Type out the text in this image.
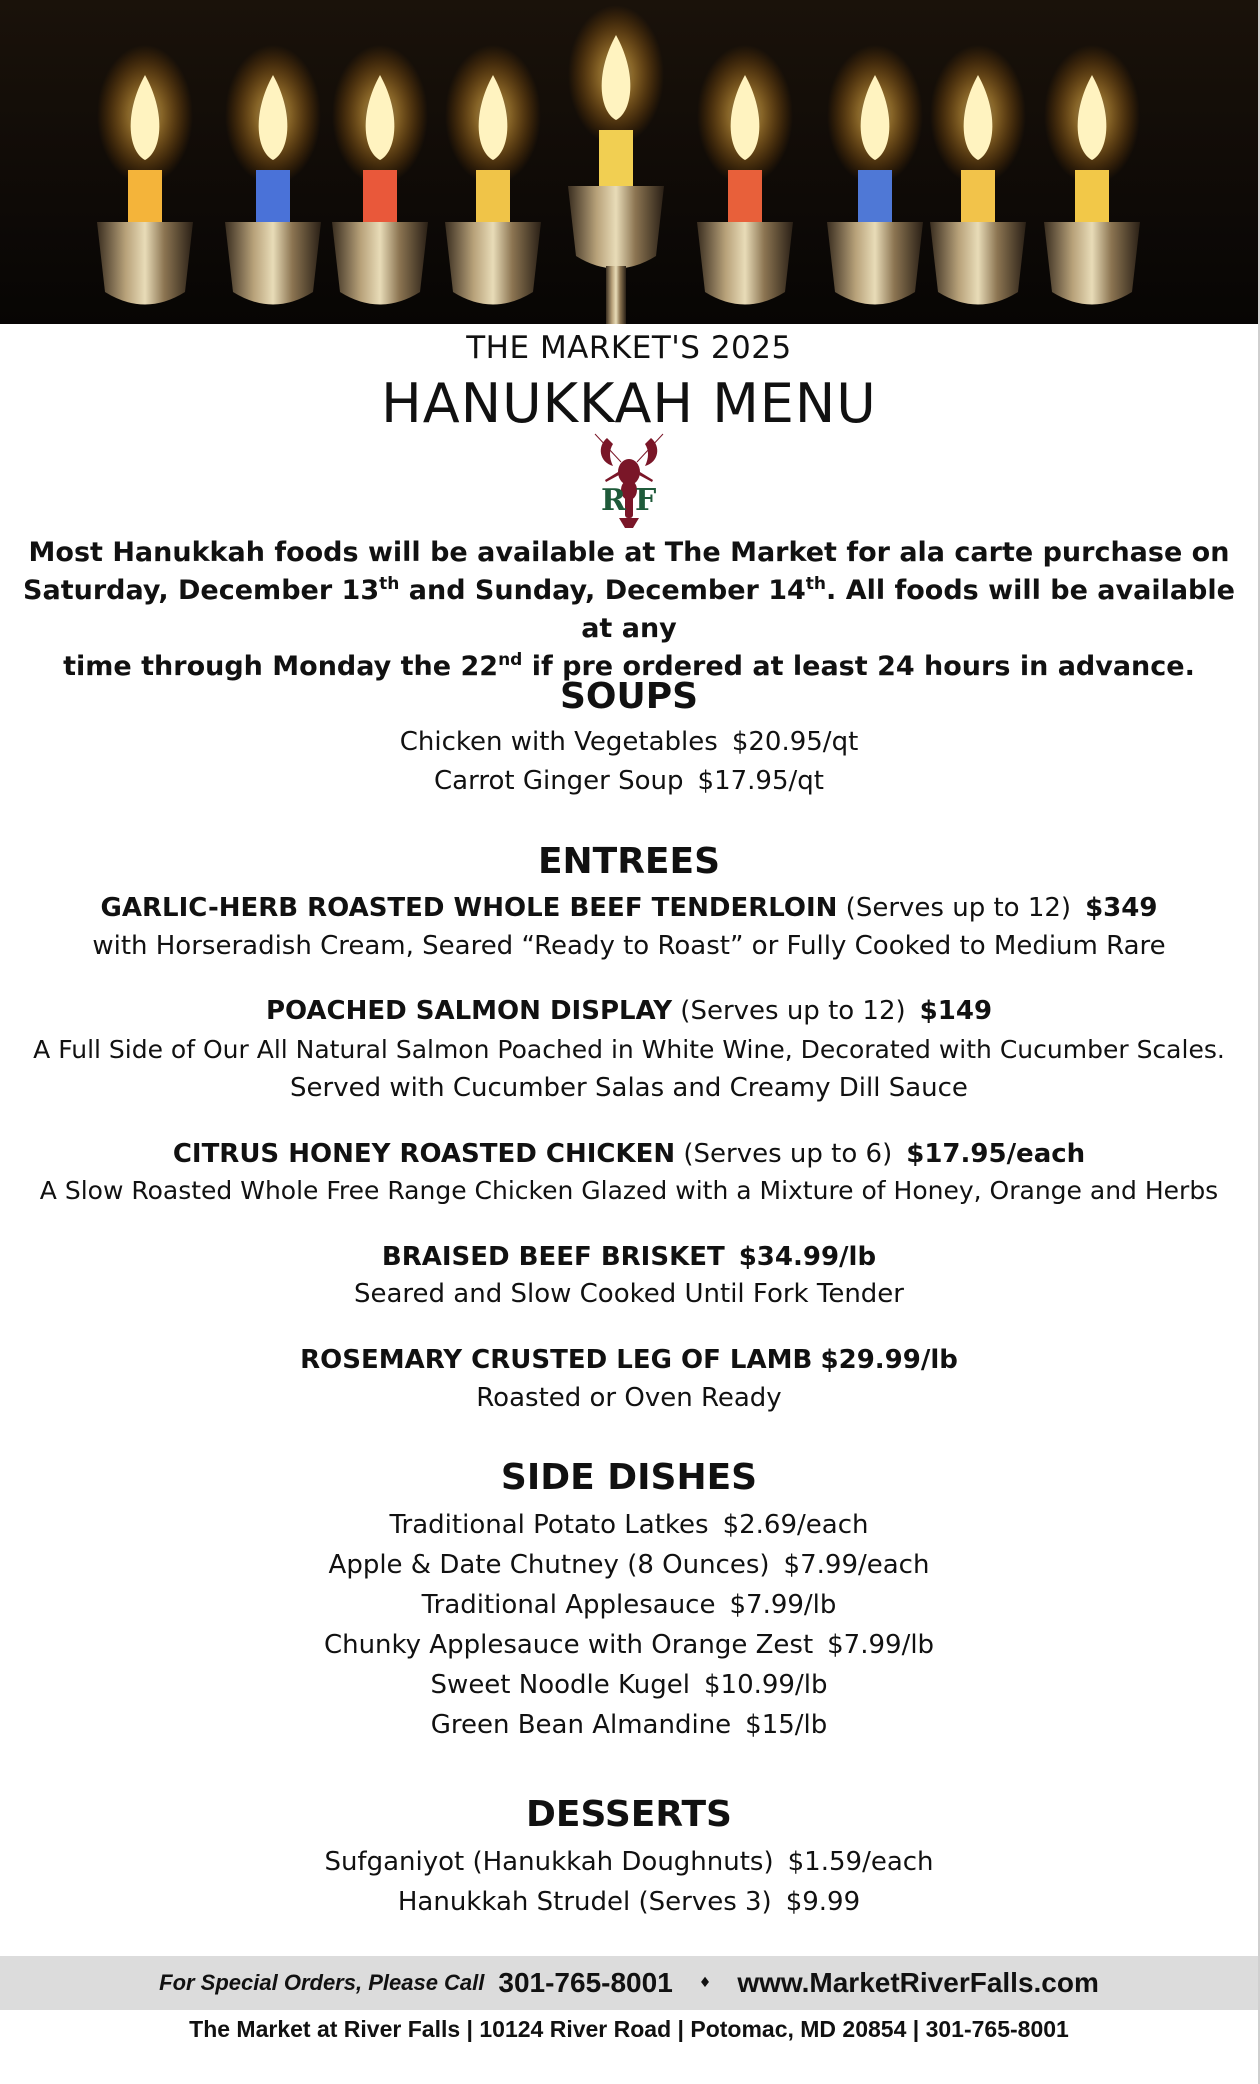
THE MARKET'S 2025
HANUKKAH MENU
R F
Most Hanukkah foods will be available at The Market for ala carte purchase on
Saturday, December 13th and Sunday, December 14th. All foods will be available at any
time through Monday the 22nd if pre ordered at least 24 hours in advance.
SOUPS
Chicken with Vegetables $20.95/qt
Carrot Ginger Soup $17.95/qt
ENTREES
GARLIC-HERB ROASTED WHOLE BEEF TENDERLOIN (Serves up to 12) $349
with Horseradish Cream, Seared “Ready to Roast” or Fully Cooked to Medium Rare
POACHED SALMON DISPLAY (Serves up to 12) $149
A Full Side of Our All Natural Salmon Poached in White Wine, Decorated with Cucumber Scales.
Served with Cucumber Salas and Creamy Dill Sauce
CITRUS HONEY ROASTED CHICKEN (Serves up to 6) $17.95/each
A Slow Roasted Whole Free Range Chicken Glazed with a Mixture of Honey, Orange and Herbs
BRAISED BEEF BRISKET $34.99/lb
Seared and Slow Cooked Until Fork Tender
ROSEMARY CRUSTED LEG OF LAMB $29.99/lb
Roasted or Oven Ready
SIDE DISHES
Traditional Potato Latkes $2.69/each
Apple & Date Chutney (8 Ounces) $7.99/each
Traditional Applesauce $7.99/lb
Chunky Applesauce with Orange Zest $7.99/lb
Sweet Noodle Kugel $10.99/lb
Green Bean Almandine $15/lb
DESSERTS
Sufganiyot (Hanukkah Doughnuts) $1.59/each
Hanukkah Strudel (Serves 3) $9.99
For Special Orders, Please Call 301-765-8001 ♦ www.MarketRiverFalls.com
The Market at River Falls | 10124 River Road | Potomac, MD 20854 | 301-765-8001
